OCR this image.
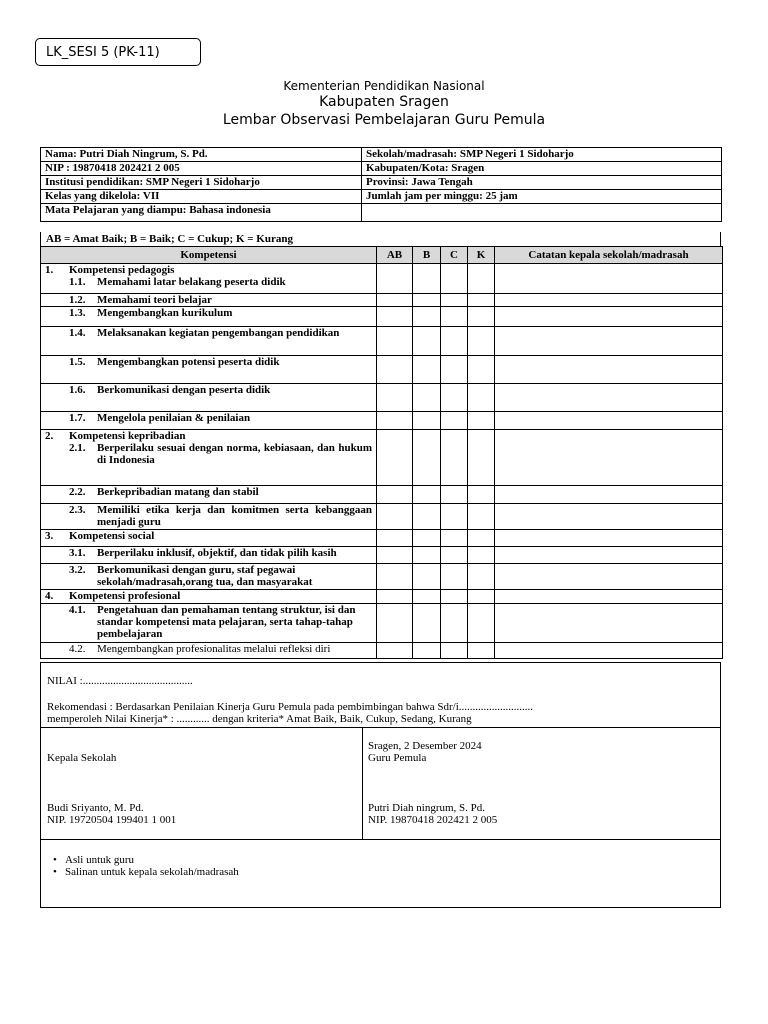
LK_SESI 5 (PK-11)
Kementerian Pendidikan Nasional
Kabupaten Sragen
Lembar Observasi Pembelajaran Guru Pemula
Nama: Putri Diah Ningrum, S. Pd.	Sekolah/madrasah: SMP Negeri 1 Sidoharjo
NIP : 19870418 202421 2 005	Kabupaten/Kota: Sragen
Institusi pendidikan: SMP Negeri 1 Sidoharjo	Provinsi: Jawa Tengah
Kelas yang dikelola: VII	Jumlah jam per minggu: 25 jam
Mata Pelajaran yang diampu: Bahasa indonesia	
AB = Amat Baik; B = Baik; C = Cukup; K = Kurang
Kompetensi	AB	B	C	K	Catatan kepala sekolah/madrasah

1. Kompetensi pedagogis
1.1. Memahami latar belakang peserta didik					

1.2. Memahami teori belajar					
1.3. Mengembangkan kurikulum					
1.4. Melaksanakan kegiatan pengembangan pendidikan					
1.5. Mengembangkan potensi peserta didik					
1.6. Berkomunikasi dengan peserta didik					
1.7. Mengelola penilaian & penilaian					

2. Kompetensi kepribadian
2.1. Berperilaku sesuai dengan norma, kebiasaan, dan hukum di Indonesia					

2.2. Berkepribadian matang dan stabil					

2.3. Memiliki etika kerja dan komitmen serta kebanggaan menjadi guru					

3. Kompetensi social					
3.1. Berperilaku inklusif, objektif, dan tidak pilih kasih					

3.2. Berkomunikasi dengan guru, staf pegawai sekolah/madrasah,orang tua, dan masyarakat					

4. Kompetensi profesional					

4.1. Pengetahuan dan pemahaman tentang struktur, isi dan standar kompetensi mata pelajaran, serta tahap-tahap pembelajaran					

4.2. Mengembangkan profesionalitas melalui refleksi diri					
NILAI :........................................
Rekomendasi : Berdasarkan Penilaian Kinerja Guru Pemula pada pembimbingan bahwa Sdr/i...........................
memperoleh Nilai Kinerja* : ............ dengan kriteria* Amat Baik, Baik, Cukup, Sedang, Kurang
Kepala Sekolah
Budi Sriyanto, M. Pd.
NIP. 19720504 199401 1 001
Sragen, 2 Desember 2024
Guru Pemula
Putri Diah ningrum, S. Pd.
NIP. 19870418 202421 2 005
• Asli untuk guru
• Salinan untuk kepala sekolah/madrasah
